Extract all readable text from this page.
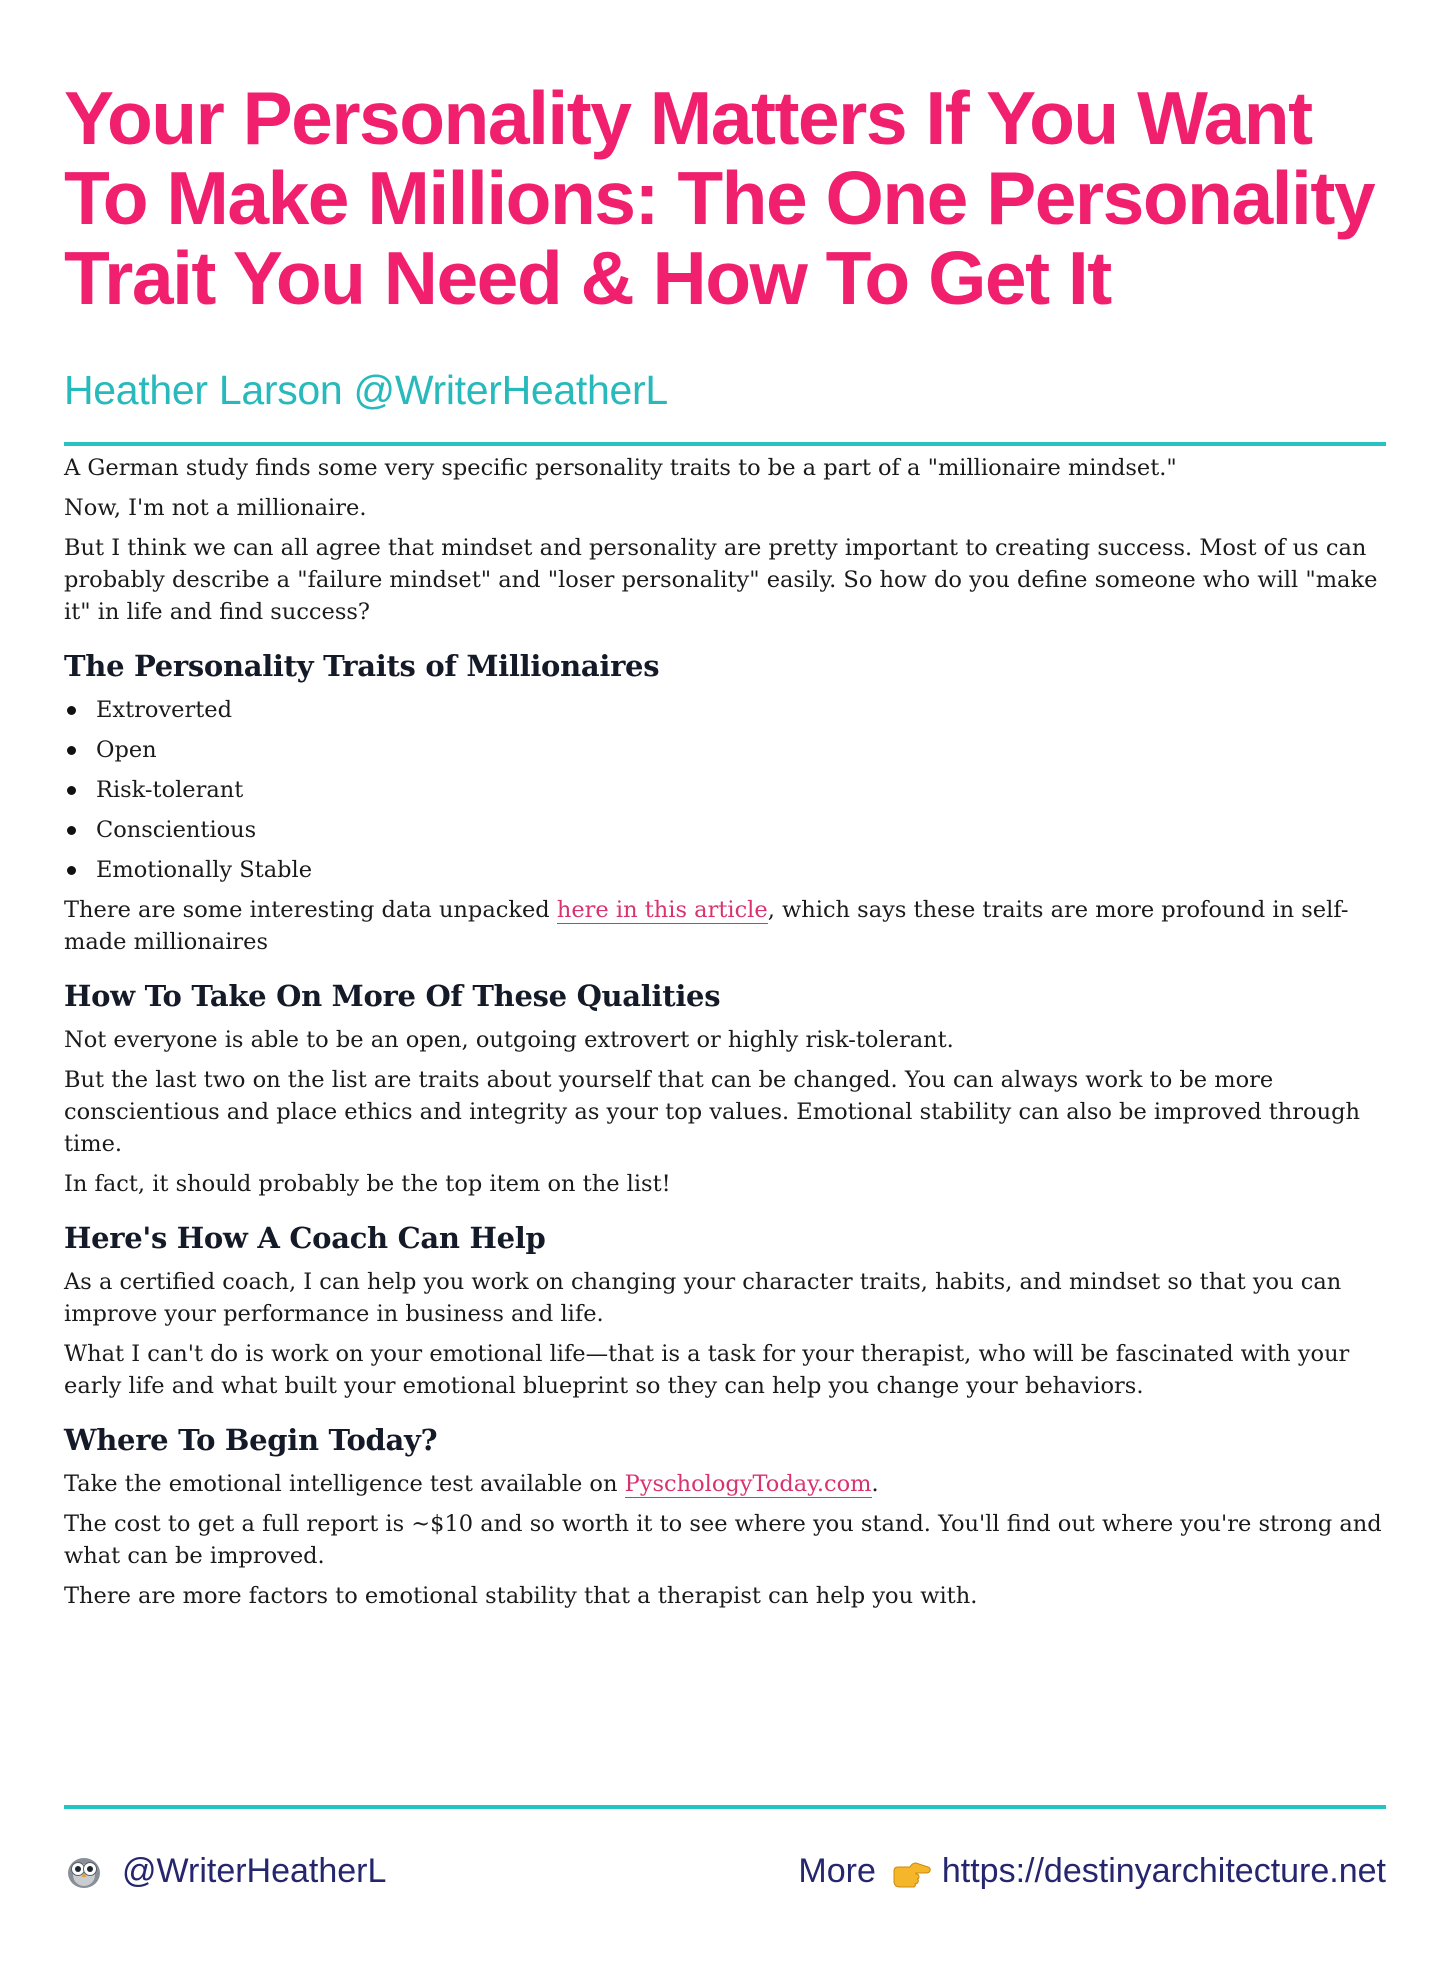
Your Personality Matters If You Want To Make Millions: The One Personality Trait You Need & How To Get It
Heather Larson @WriterHeatherL

A German study finds some very specific personality traits to be a part of a "millionaire mindset."

Now, I'm not a millionaire.

But I think we can all agree that mindset and personality are pretty important to creating success. Most of us can probably describe a "failure mindset" and "loser personality" easily. So how do you define someone who will "make it" in life and find success?

The Personality Traits of Millionaires
Extroverted
Open
Risk-tolerant
Conscientious
Emotionally Stable

There are some interesting data unpacked here in this article, which says these traits are more profound in self-made millionaires

How To Take On More Of These Qualities

Not everyone is able to be an open, outgoing extrovert or highly risk-tolerant.

But the last two on the list are traits about yourself that can be changed. You can always work to be more conscientious and place ethics and integrity as your top values. Emotional stability can also be improved through time.

In fact, it should probably be the top item on the list!

Here's How A Coach Can Help

As a certified coach, I can help you work on changing your character traits, habits, and mindset so that you can improve your performance in business and life.

What I can't do is work on your emotional life—that is a task for your therapist, who will be fascinated with your early life and what built your emotional blueprint so they can help you change your behaviors.

Where To Begin Today?

Take the emotional intelligence test available on PyschologyToday.com.

The cost to get a full report is ~$10 and so worth it to see where you stand. You'll find out where you're strong and what can be improved.

There are more factors to emotional stability that a therapist can help you with.

@WriterHeatherL	More https://destinyarchitecture.net
